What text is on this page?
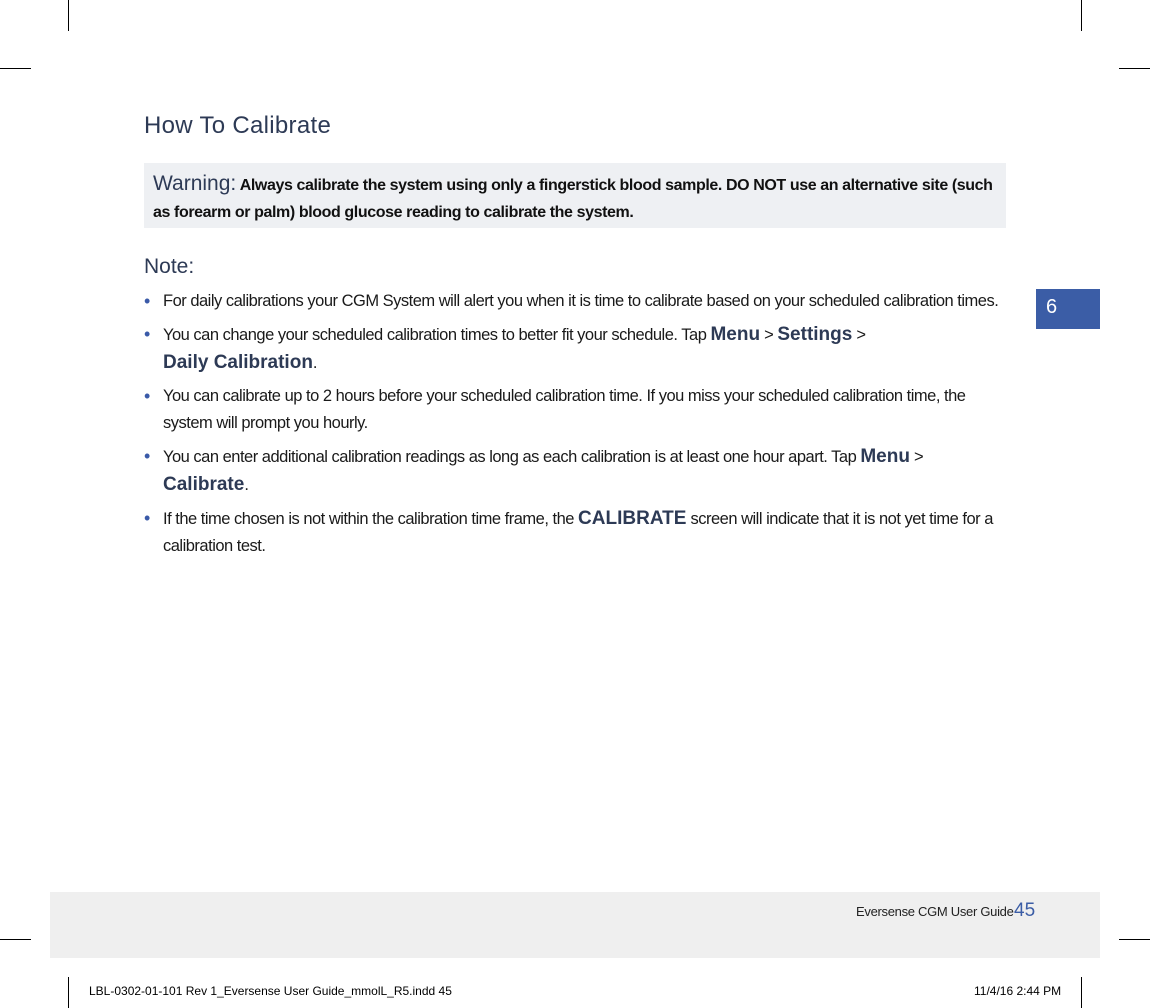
How To Calibrate
Warning: Always calibrate the system using only a fingerstick blood sample. DO NOT use an alternative site (such as forearm or palm) blood glucose reading to calibrate the system.
Note:
• For daily calibrations your CGM System will alert you when it is time to calibrate based on your scheduled calibration times.
• You can change your scheduled calibration times to better fit your schedule. Tap Menu > Settings >
Daily Calibration.
• You can calibrate up to 2 hours before your scheduled calibration time. If you miss your scheduled calibration time, the system will prompt you hourly.
• You can enter additional calibration readings as long as each calibration is at least one hour apart. Tap Menu >
Calibrate.
• If the time chosen is not within the calibration time frame, the CALIBRATE screen will indicate that it is not yet time for a calibration test.
6
Eversense CGM User Guide 45
LBL-0302-01-101 Rev 1_Eversense User Guide_mmolL_R5.indd 45	11/4/16 2:44 PM
